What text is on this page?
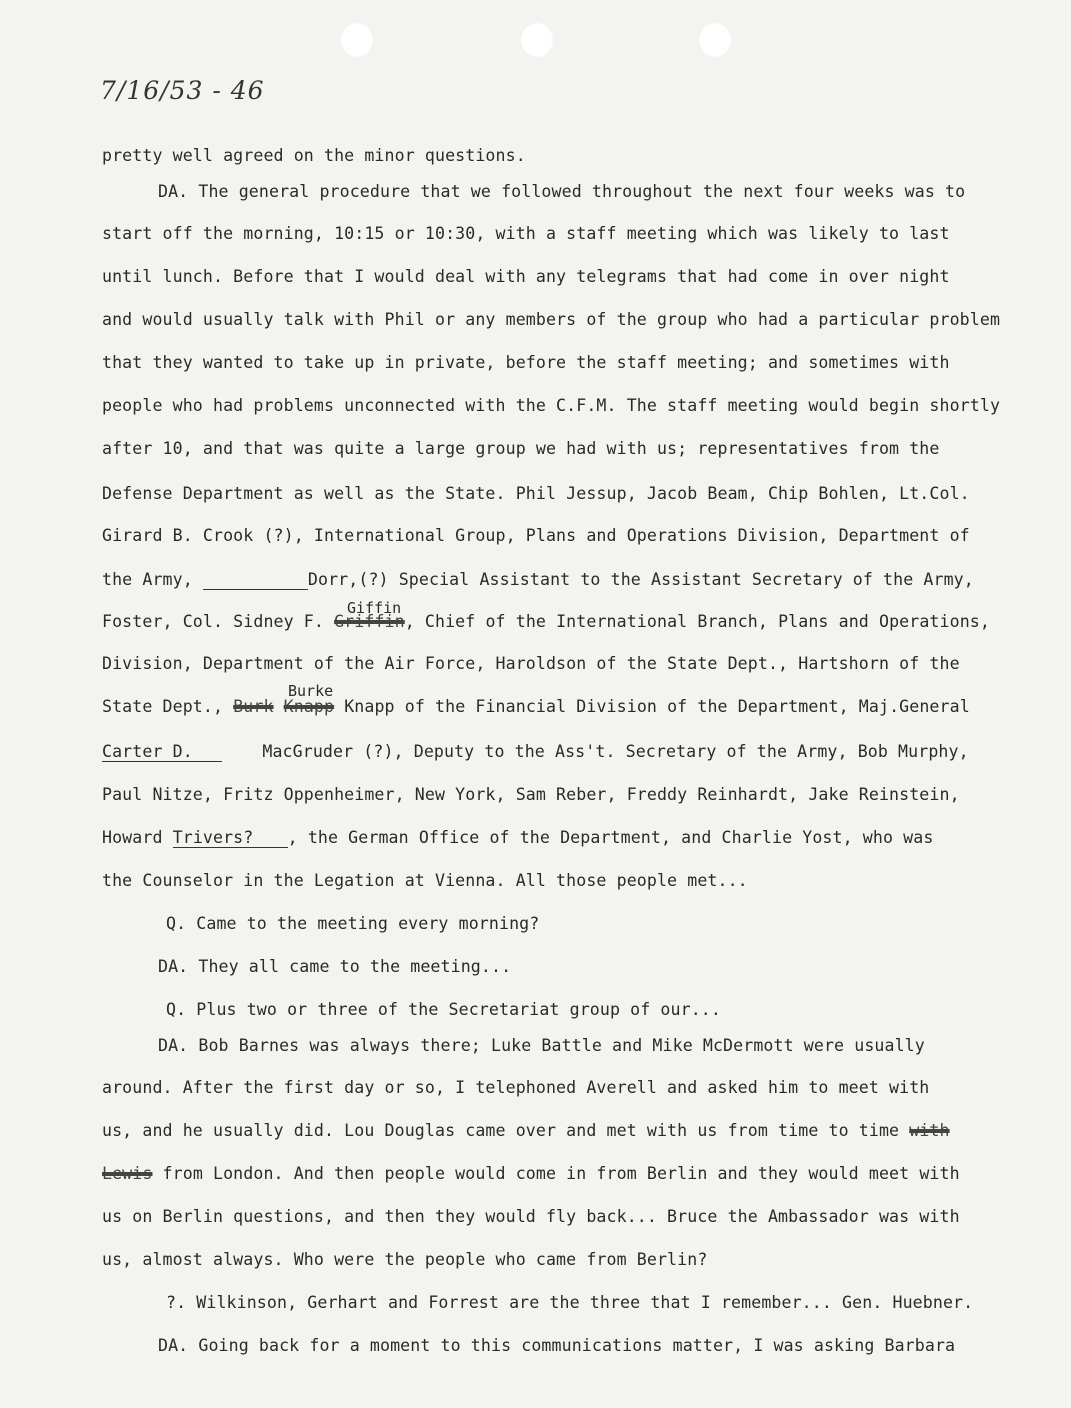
7/16/53 - 46
pretty well agreed on the minor questions.
DA. The general procedure that we followed throughout the next four weeks was to
start off the morning, 10:15 or 10:30, with a staff meeting which was likely to last
until lunch. Before that I would deal with any telegrams that had come in over night
and would usually talk with Phil or any members of the group who had a particular problem
that they wanted to take up in private, before the staff meeting; and sometimes with
people who had problems unconnected with the C.F.M. The staff meeting would begin shortly
after 10, and that was quite a large group we had with us; representatives from the
Defense Department as well as the State. Phil Jessup, Jacob Beam, Chip Bohlen, Lt.Col.
Girard B. Crook (?), International Group, Plans and Operations Division, Department of
the Army,	Dorr,(?) Special Assistant to the Assistant Secretary of the Army,
Giffin
Foster, Col. Sidney F. Griffin, Chief of the International Branch, Plans and Operations,
Division, Department of the Air Force, Haroldson of the State Dept., Hartshorn of the
Burke
State Dept., Burk Knapp Knapp of the Financial Division of the Department, Maj.General
Carter D.	MacGruder (?), Deputy to the Ass't. Secretary of the Army, Bob Murphy,
Paul Nitze, Fritz Oppenheimer, New York, Sam Reber, Freddy Reinhardt, Jake Reinstein,
Howard Trivers? , the German Office of the Department, and Charlie Yost, who was
the Counselor in the Legation at Vienna. All those people met...
Q. Came to the meeting every morning?
DA. They all came to the meeting...
Q. Plus two or three of the Secretariat group of our...
DA. Bob Barnes was always there; Luke Battle and Mike McDermott were usually
around. After the first day or so, I telephoned Averell and asked him to meet with
us, and he usually did. Lou Douglas came over and met with us from time to time with
Lewis from London. And then people would come in from Berlin and they would meet with
us on Berlin questions, and then they would fly back... Bruce the Ambassador was with
us, almost always. Who were the people who came from Berlin?
?. Wilkinson, Gerhart and Forrest are the three that I remember... Gen. Huebner.
DA. Going back for a moment to this communications matter, I was asking Barbara
